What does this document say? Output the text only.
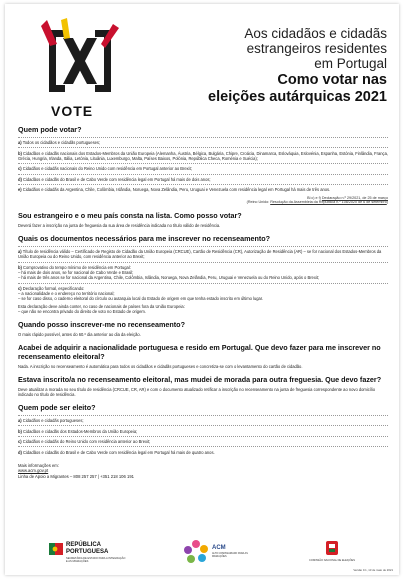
VOTE
Aos cidadãos e cidadãs
estrangeiros residentes
em Portugal
Como votar nas
eleições autárquicas 2021
Quem pode votar?
a) Todos os cidadãos e cidadãs portugueses;
b) Cidadãos e cidadãs nacionais dos Estados-Membros da União Europeia (Alemanha, Áustria, Bélgica, Bulgária, Chipre, Croácia, Dinamarca, Eslováquia, Eslovénia, Espanha, Estónia, Finlândia, França, Grécia, Hungria, Irlanda, Itália, Letónia, Lituânia, Luxemburgo, Malta, Países Baixos, Polónia, República Checa, Roménia e Suécia);
c) Cidadãos e cidadãs nacionais do Reino Unido com residência em Portugal anterior ao Brexit;
d) Cidadãos e cidadãs do Brasil e de Cabo Verde com residência legal em Portugal há mais de dois anos;
e) Cidadãos e cidadãs da Argentina, Chile, Colômbia, Islândia, Noruega, Nova Zelândia, Peru, Uruguai e Venezuela com residência legal em Portugal há mais de três anos.
Bi c) e f) Declaração n.º 29/2021, de 25 de março
(Reino Unido: Resolução da Assembleia da República n.º 108/2020 de 6 de setembro)
Sou estrangeiro e o meu país consta na lista. Como posso votar?
Deverá fazer a inscrição na junta de freguesia da sua área de residência indicada no título válido de residência.
Quais os documentos necessários para me inscrever no recenseamento?
a) Título de residência válido – Certificado de Registo de Cidadão da União Europeia (CRCUE), Cartão de Residência (CR), Autorização de Residência (AR) – se for nacional dos Estados-Membros da União Europeia ou do Reino Unido, com residência anterior ao Brexit;
b) Comprovativo do tempo mínimo de residência em Portugal:
– há mais de dois anos, se for nacional de Cabo Verde e Brasil;
– há mais de três anos se for nacional da Argentina, Chile, Colômbia, Islândia, Noruega, Nova Zelândia, Peru, Uruguai e Venezuela ou do Reino Unido, após o Brexit;
c) Declaração formal, especificando:
– a nacionalidade e o endereço no território nacional;
– se for caso disso, o caderno eleitoral do círculo ou autarquia local do Estado de origem em que tenha estado inscrito em último lugar.
Esta declaração deve ainda conter, no caso de nacionais de países fora da União Europeia:
– que não se encontra privado do direito de voto no Estado de origem.
Quando posso inscrever-me no recenseamento?
O mais rápido possível, antes do 60.º dia anterior ao dia da eleição.
Acabei de adquirir a nacionalidade portuguesa e resido em Portugal. Que devo fazer para me inscrever no recenseamento eleitoral?
Nada. A inscrição no recenseamento é automática para todos os cidadãos e cidadãs portugueses e concretiza-se com o levantamento do cartão de cidadão.
Estava inscrito/a no recenseamento eleitoral, mas mudei de morada para outra freguesia. Que devo fazer?
Deve atualizar a morada no seu título de residência (CRCUE, CR, AR) e com o documento atualizado retificar a inscrição no recenseamento na junta de freguesia correspondente ao novo domicílio indicado no título de residência.
Quem pode ser eleito?
a) Cidadãos e cidadãs portugueses;
b) Cidadãos e cidadãs dos Estados-Membros da União Europeia;
c) Cidadãos e cidadãs do Reino Unido com residência anterior ao Brexit;
d) Cidadãos e cidadãs do Brasil e de Cabo Verde com residência legal em Portugal há mais de quatro anos.
Mais informações em:
www.acm.gov.pt
Linha de Apoio a Migrantes – 808 257 257 | +351 218 106 191
REPÚBLICA
PORTUGUESA
SECRETÁRIA DE ESTADO PARA A INTEGRAÇÃO E AS MIGRAÇÕES
ACM
ALTO COMISSARIADO PARA AS MIGRAÇÕES
COMISSÃO NACIONAL DE ELEIÇÕES
Versão 0.1, 13 de maio de 2021
